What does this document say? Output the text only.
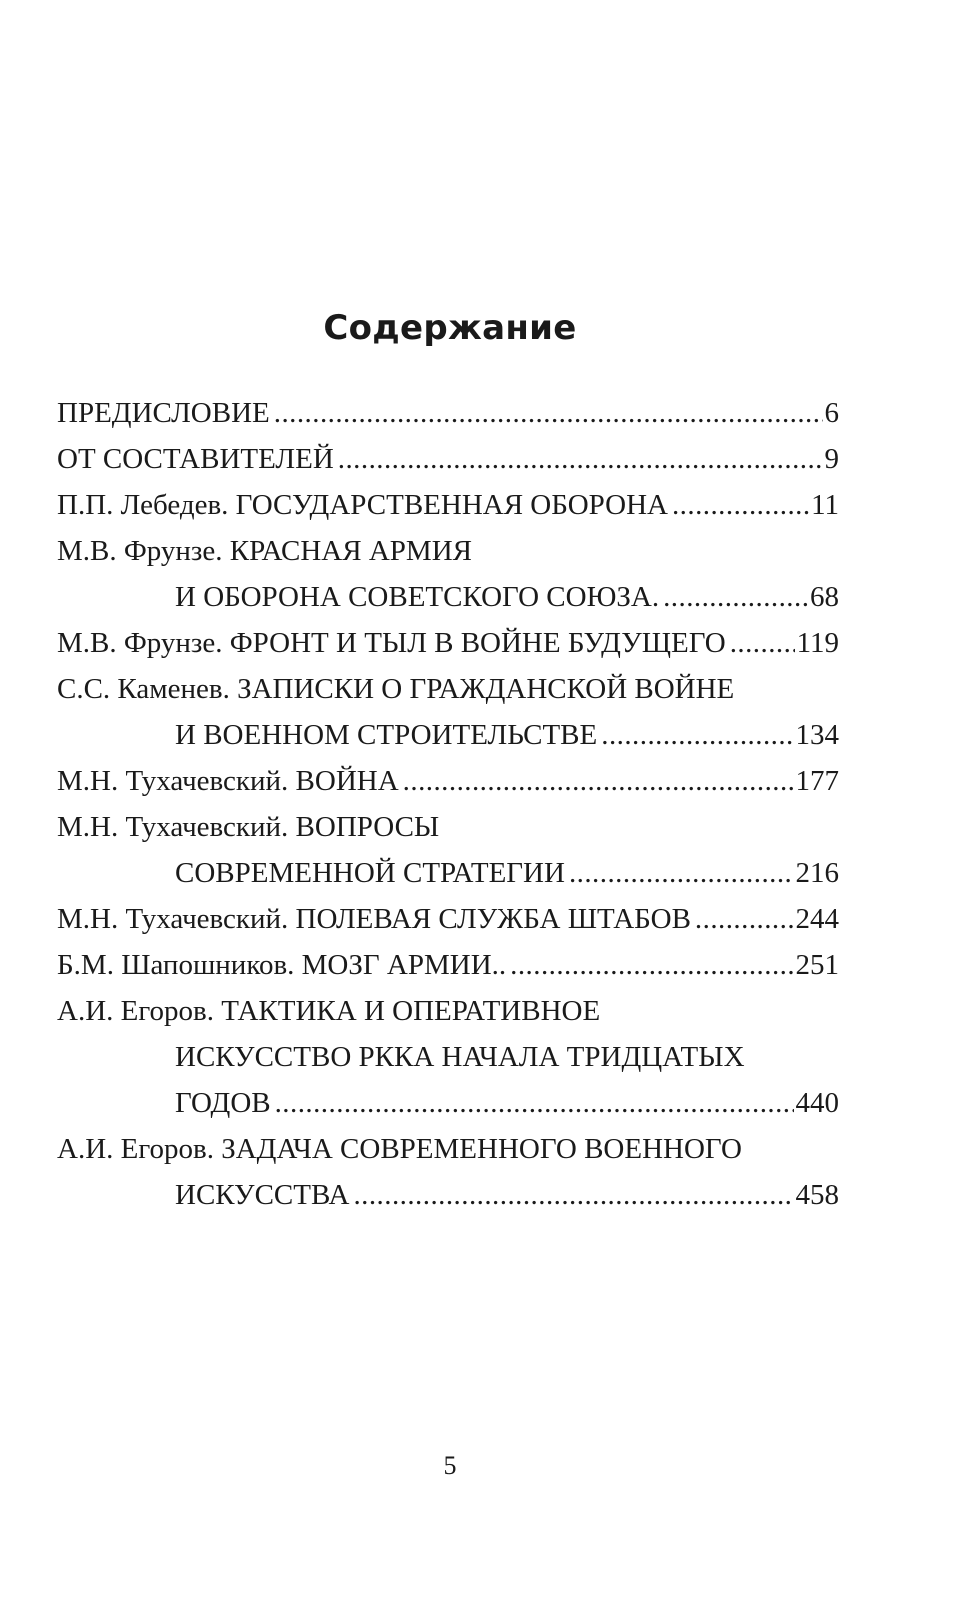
Содержание
ПРЕДИСЛОВИЕ . . .	6
ОТ СОСТАВИТЕЛЕЙ . . .	9
П.П. Лебедев. ГОСУДАРСТВЕННАЯ ОБОРОНА . . .	11
М.В. Фрунзе. КРАСНАЯ АРМИЯ
И ОБОРОНА СОВЕТСКОГО СОЮЗА. . . .	68
М.В. Фрунзе. ФРОНТ И ТЫЛ В ВОЙНЕ БУДУЩЕГО . . . 119
С.С. Каменев. ЗАПИСКИ О ГРАЖДАНСКОЙ ВОЙНЕ
И ВОЕННОМ СТРОИТЕЛЬСТВЕ . . .	134
М.Н. Тухачевский. ВОЙНА . . .	177
М.Н. Тухачевский. ВОПРОСЫ
СОВРЕМЕННОЙ СТРАТЕГИИ . . .	216
М.Н. Тухачевский. ПОЛЕВАЯ СЛУЖБА ШТАБОВ . . .	244
Б.М. Шапошников. МОЗГ АРМИИ.. . . .	251
А.И. Егоров. ТАКТИКА И ОПЕРАТИВНОЕ
ИСКУССТВО РККА НАЧАЛА ТРИДЦАТЫХ
ГОДОВ . . .	440
А.И. Егоров. ЗАДАЧА СОВРЕМЕННОГО ВОЕННОГО
ИСКУССТВА . . .	458
5
